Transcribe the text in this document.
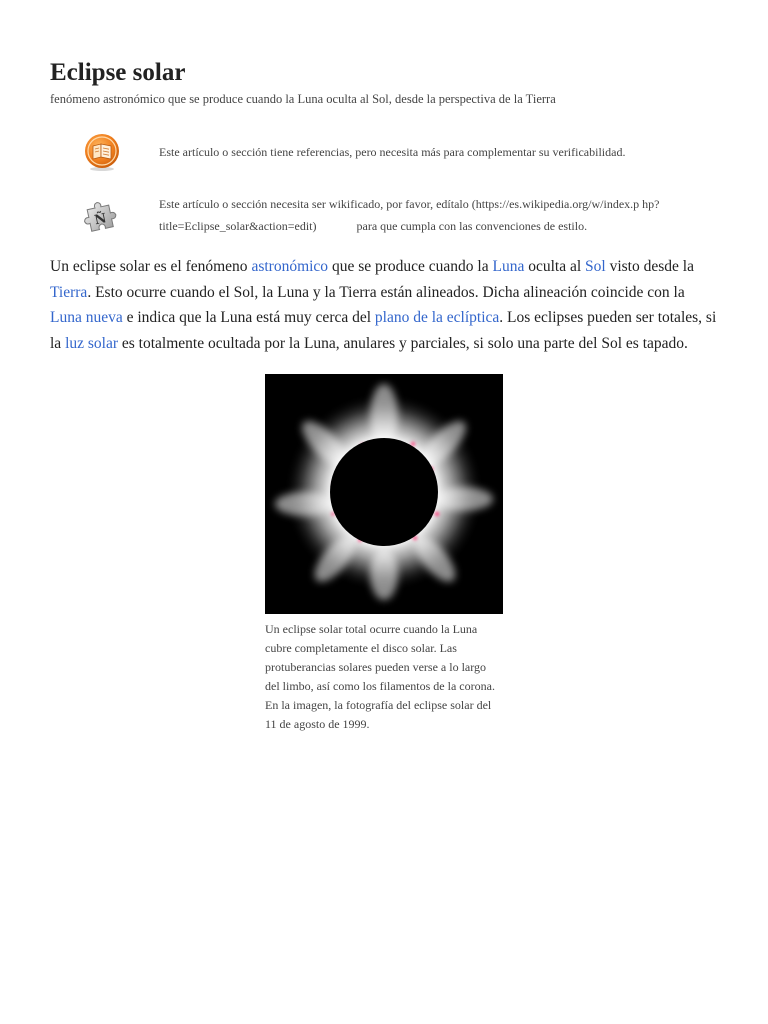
Eclipse solar
fenómeno astronómico que se produce cuando la Luna oculta al Sol, desde la perspectiva de la Tierra
Este artículo o sección tiene referencias, pero necesita más para complementar su verificabilidad.
Ñ
Este artículo o sección necesita ser wikificado, por favor, edítalo (https://es.wikipedia.org/w/index.p hp?
title=Eclipse_solar&action=edit)	para que cumpla con las convenciones de estilo.

Un eclipse solar es el fenómeno astronómico que se produce cuando la Luna oculta al Sol visto desde la Tierra. Esto ocurre cuando el Sol, la Luna y la Tierra están alineados. Dicha alineación coincide con la Luna nueva e indica que la Luna está muy cerca del plano de la eclíptica. Los eclipses pueden ser totales, si la luz solar es totalmente ocultada por la Luna, anulares y parciales, si solo una parte del Sol es tapado.

Un eclipse solar total ocurre cuando la Luna cubre completamente el disco solar. Las protuberancias solares pueden verse a lo largo del limbo, así como los filamentos de la corona. En la imagen, la fotografía del eclipse solar del 11 de agosto de 1999.
